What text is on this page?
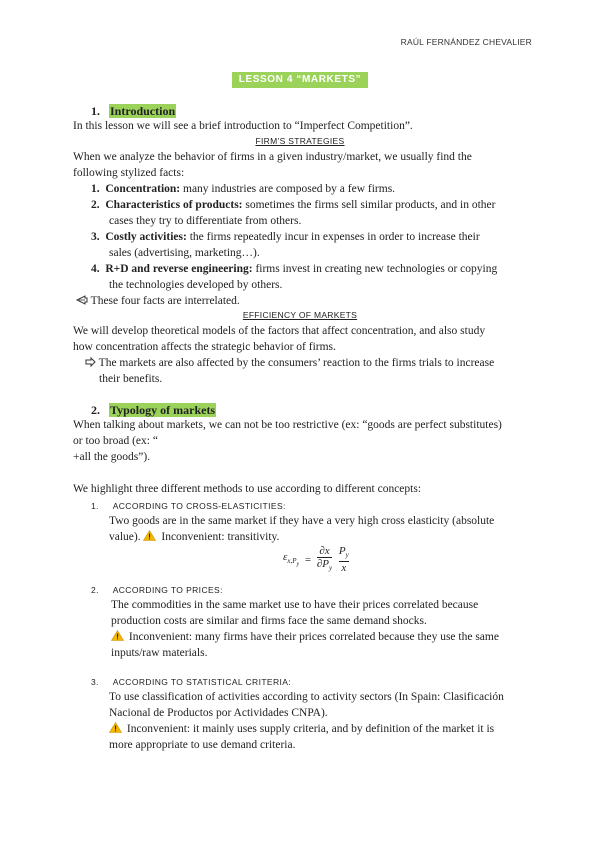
RAÚL FERNÁNDEZ CHEVALIER
LESSON 4 “MARKETS”
1. Introduction
In this lesson we will see a brief introduction to “Imperfect Competition”.
FIRM’S STRATEGIES
When we analyze the behavior of firms in a given industry/market, we usually find the
following stylized facts:
1. Concentration: many industries are composed by a few firms.
2. Characteristics of products: sometimes the firms sell similar products, and in other
cases they try to differentiate from others.
3. Costly activities: the firms repeatedly incur in expenses in order to increase their
sales (advertising, marketing…).
4. R+D and reverse engineering: firms invest in creating new technologies or copying
the technologies developed by others.
These four facts are interrelated.
EFFICIENCY OF MARKETS
We will develop theoretical models of the factors that affect concentration, and also study
how concentration affects the strategic behavior of firms.
The markets are also affected by the consumers’ reaction to the firms trials to increase
their benefits.
2. Typology of markets
When talking about markets, we can not be too restrictive (ex: “goods are perfect substitutes)
or too broad (ex: “
+all the goods”).
We highlight three different methods to use according to different concepts:
1. ACCORDING TO CROSS-ELASTICITIES:
Two goods are in the same market if they have a very high cross elasticity (absolute
value).  Inconvenient: transitivity.
$\varepsilon_{x,P_y} = \frac{\partial x}{\partial P_y}$
$\frac{P_y}{x}$
2. ACCORDING TO PRICES:
The commodities in the same market use to have their prices correlated because
production costs are similar and firms face the same demand shocks.
Inconvenient: many firms have their prices correlated because they use the same
inputs/raw materials.
3. ACCORDING TO STATISTICAL CRITERIA:
To use classification of activities according to activity sectors (In Spain: Clasificación
Nacional de Productos por Actividades CNPA).
Inconvenient: it mainly uses supply criteria, and by definition of the market it is
more appropriate to use demand criteria.
